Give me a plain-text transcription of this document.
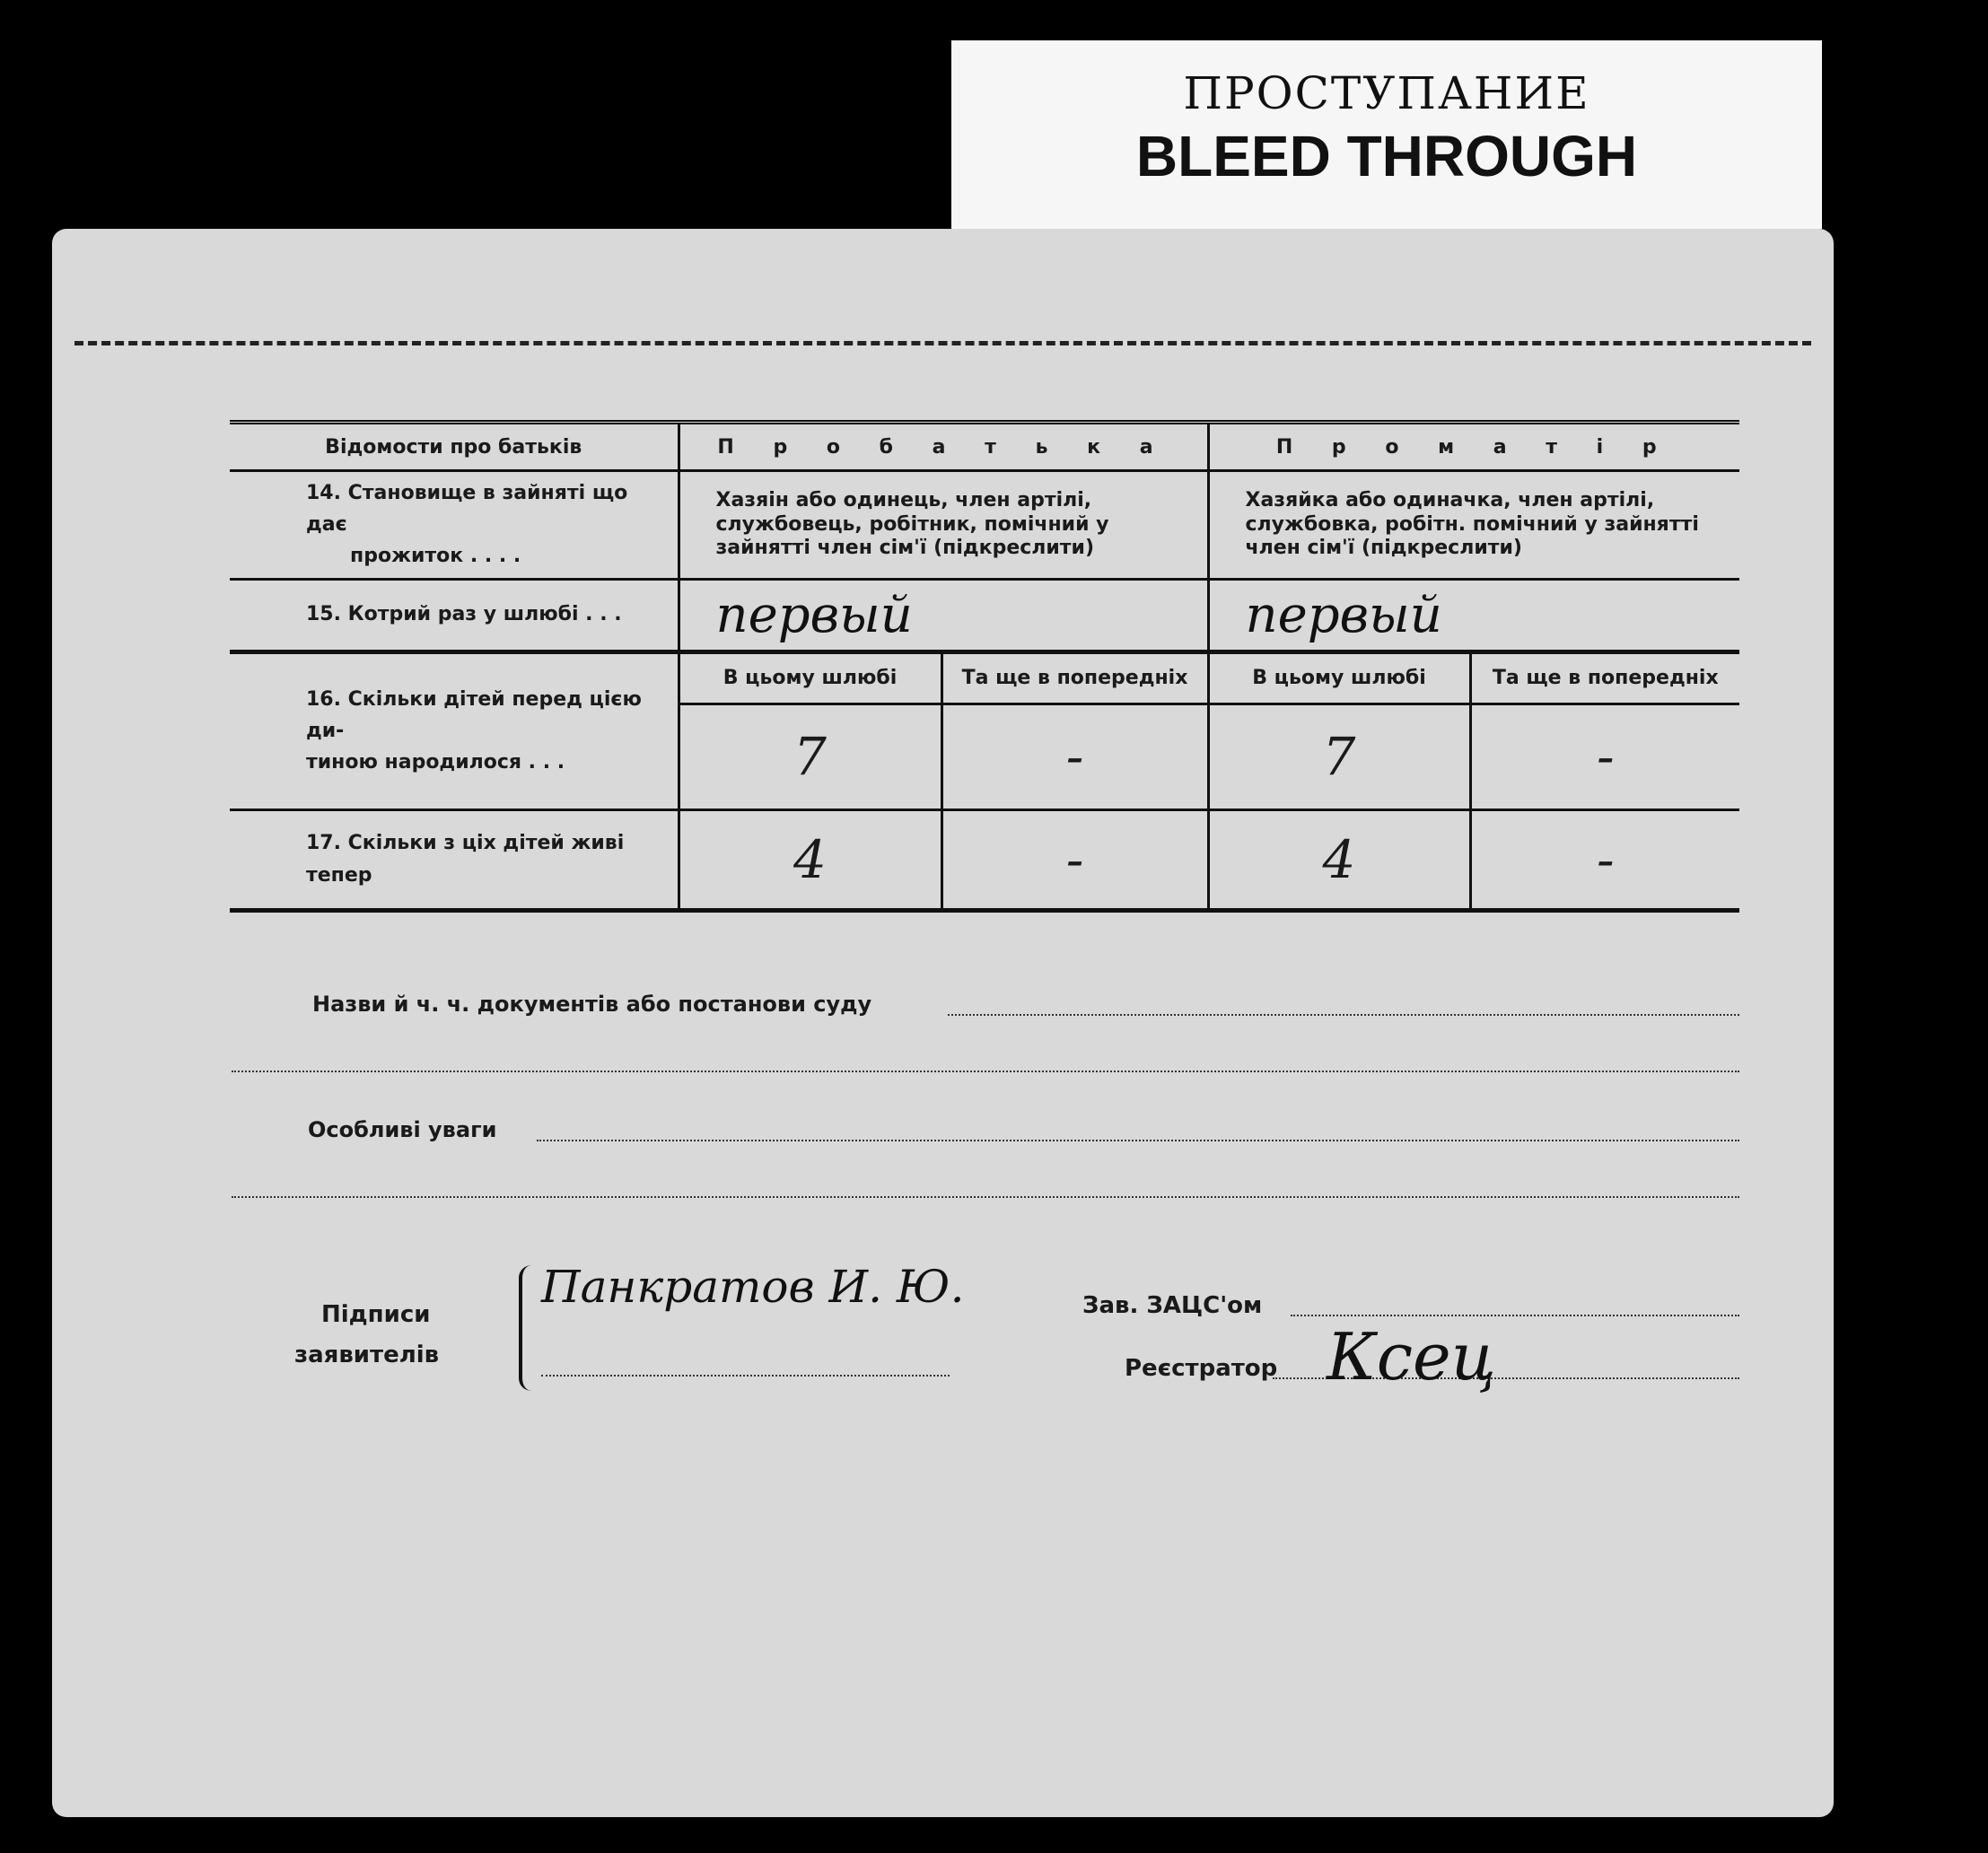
ПРОСТУПАНИЕ
BLEED THROUGH
Відомости про батьків	П р о б а т ь к а		П р о м а т і р	

14. Становище в зайняті що дає
прожиток . . . .	Хазяін або одинець, член артілі, службовець, робітник, помічний у зайнятті член сім'ї (підкреслити)		Хазяйка або одиначка, член артілі, службовка, робітн. помічний у зайнятті член сім'ї (підкреслити)	
15. Котрий раз у шлюбі . . .	первый		первый	

16. Скільки дітей перед цією ди-
тиною народилося . . .	В цьому шлюбі	Та ще в попередніх	В цьому шлюбі	Та ще в попередніх
	7	-	7	-
17. Скільки з ціх дітей живі тепер	4	-	4	-
Назви й ч. ч. документів або постанови суду
Особливі уваги
Підписи
заявителів
Панкратов И. Ю.	Зав. ЗАЦС'ом
Реєстратор Ксец
